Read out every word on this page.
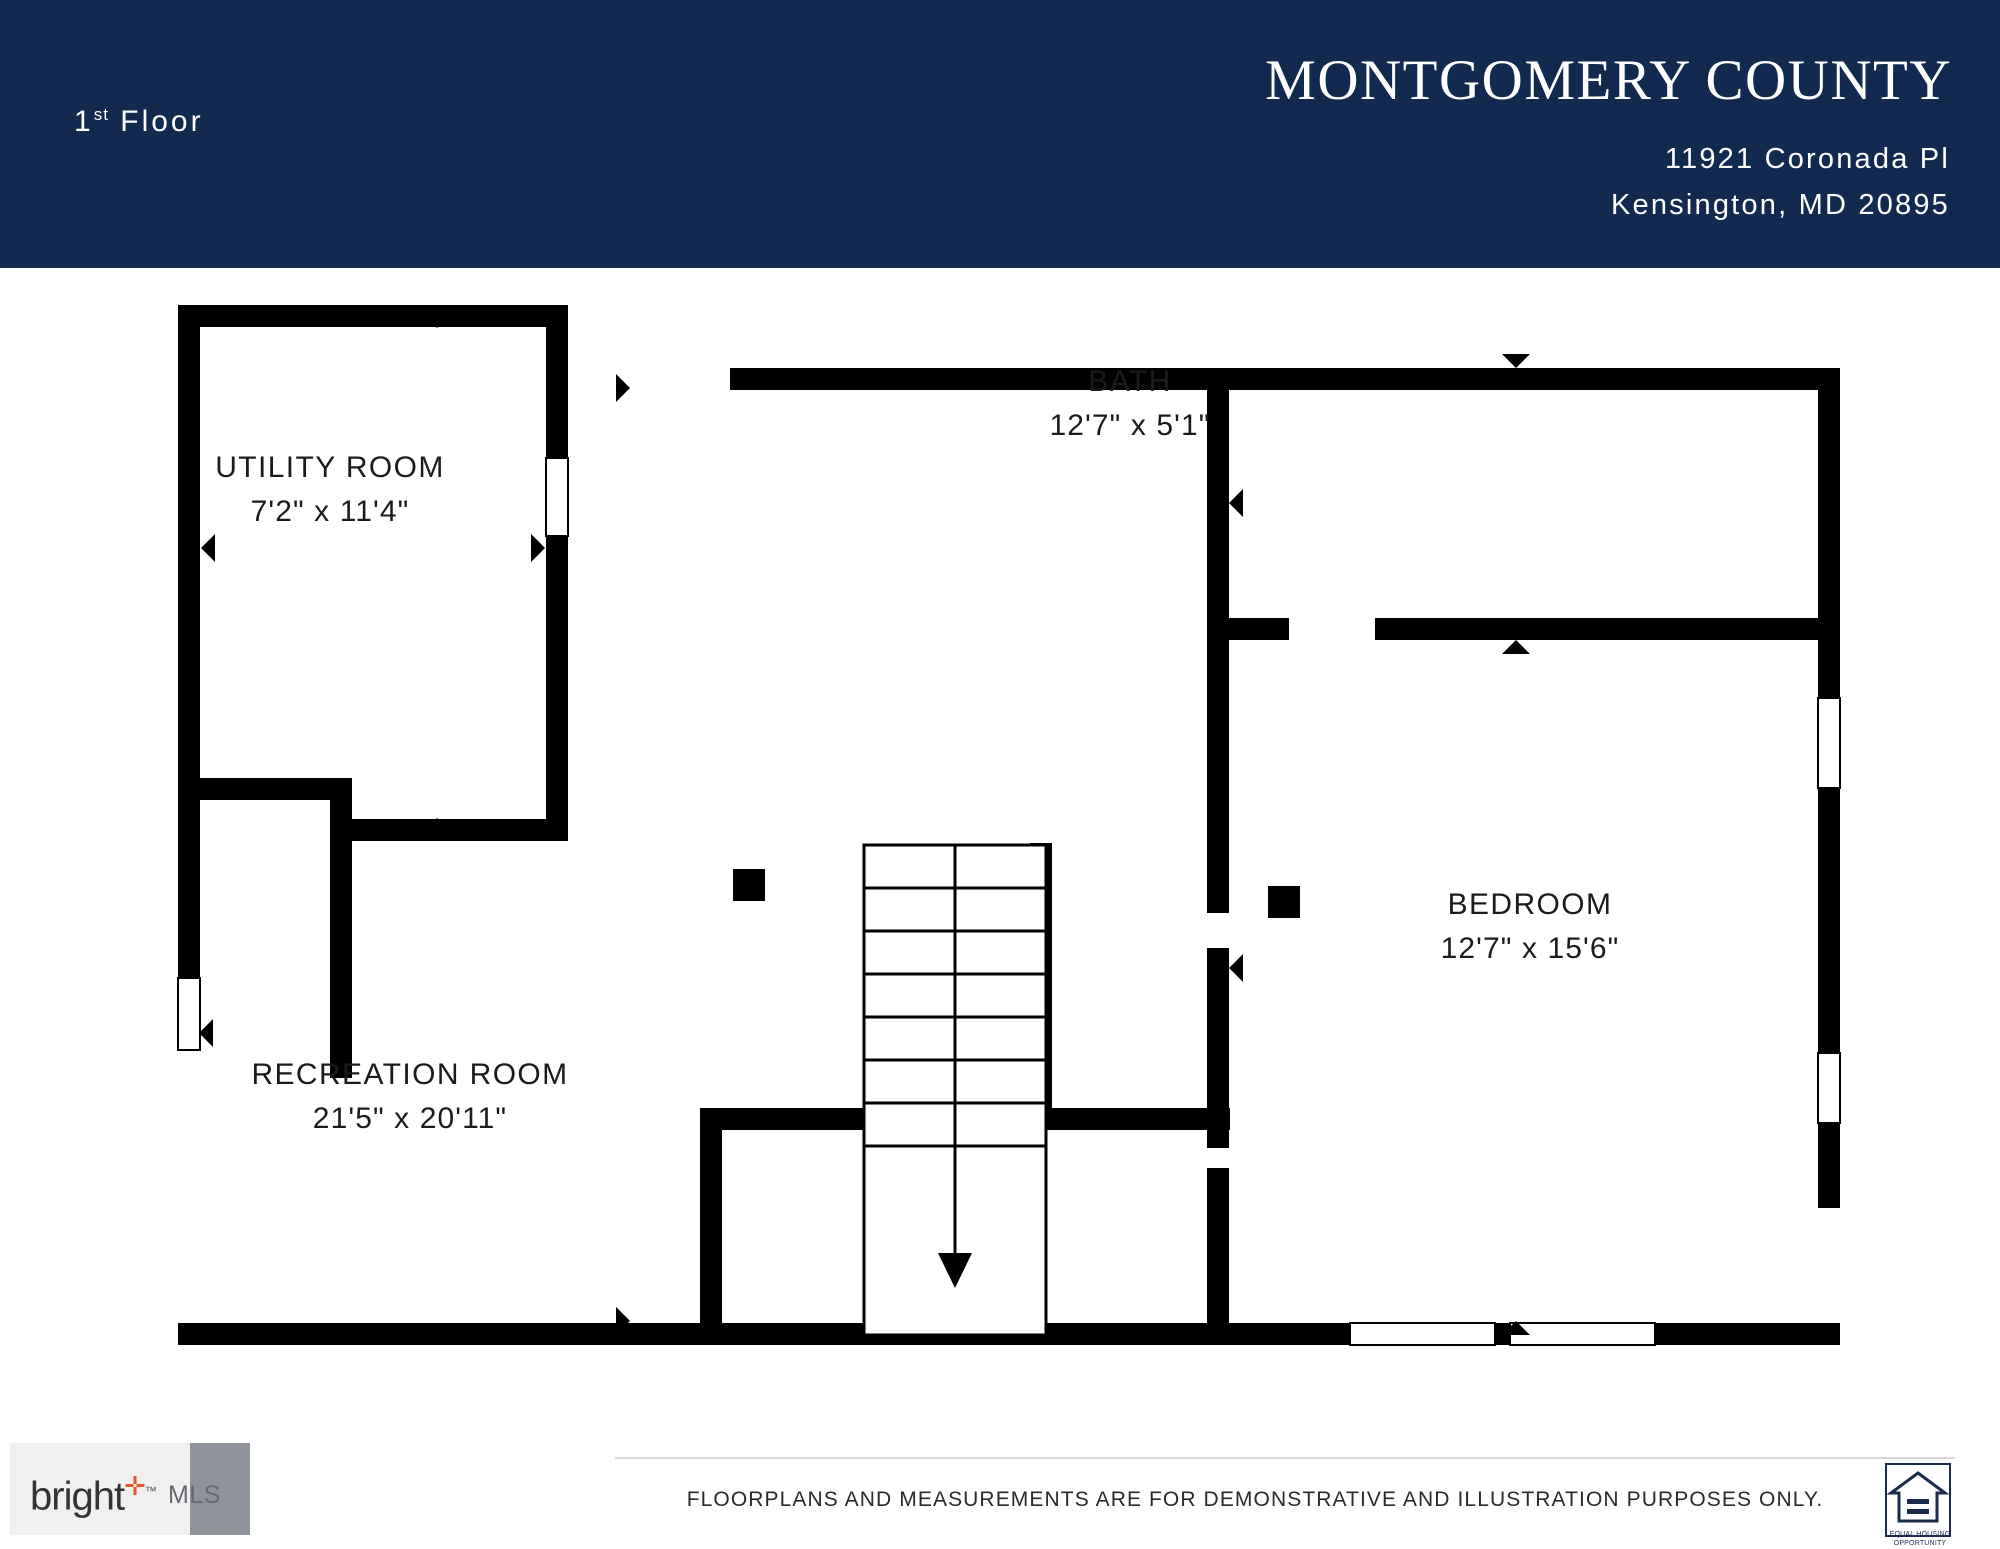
1st Floor
MONTGOMERY COUNTY
11921 Coronada Pl
Kensington, MD 20895
UTILITY ROOM
7'2" x 11'4"
BATH
12'7" x 5'1"
BEDROOM
12'7" x 15'6"
RECREATION ROOM
21'5" x 20'11"
FLOORPLANS AND MEASUREMENTS ARE FOR DEMONSTRATIVE AND ILLUSTRATION PURPOSES ONLY.
bright✛™ MLS
EQUAL HOUSING
OPPORTUNITY
